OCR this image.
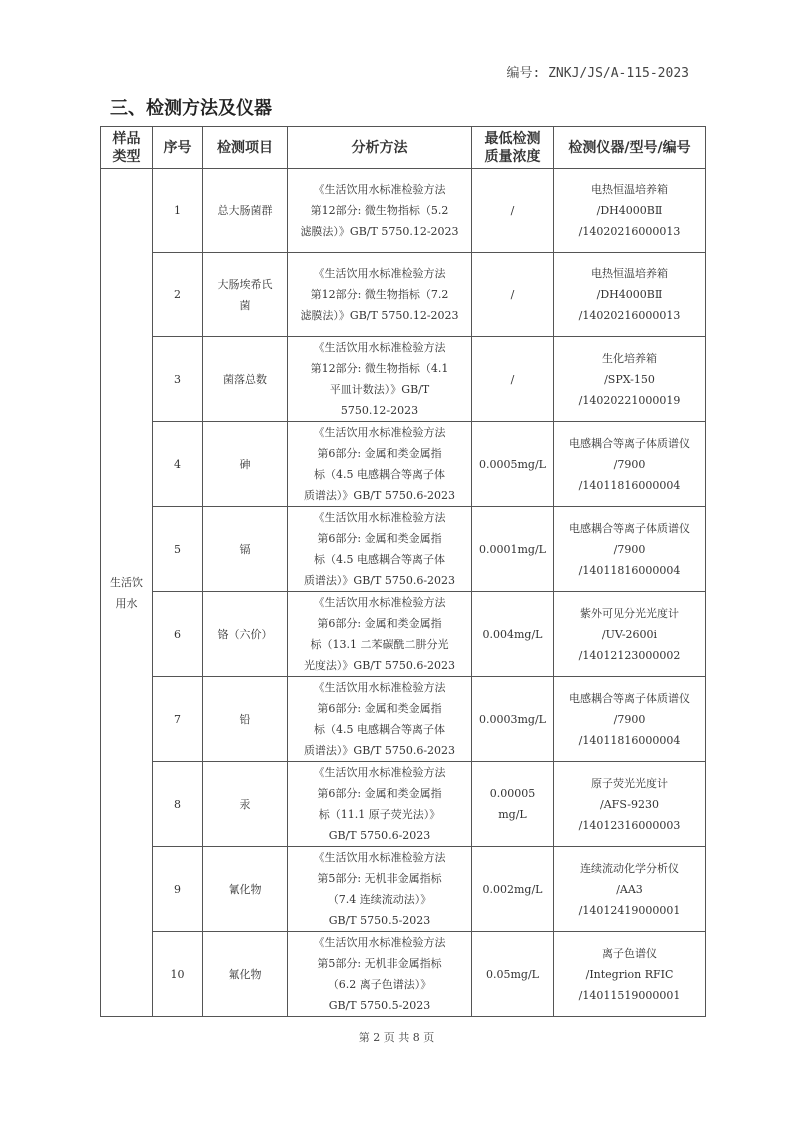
编号: ZNKJ/JS/A-115-2023
三、检测方法及仪器
样品
类型	序号	检测项目	分析方法	最低检测
质量浓度	检测仪器/型号/编号
生活饮
用水	1	总大肠菌群	《生活饮用水标准检验方法
第12部分: 微生物指标（5.2
滤膜法）》GB/T 5750.12-2023	/	电热恒温培养箱
/DH4000BⅡ
/14020216000013
	2	大肠埃希氏
菌	《生活饮用水标准检验方法
第12部分: 微生物指标（7.2
滤膜法）》GB/T 5750.12-2023	/	电热恒温培养箱
/DH4000BⅡ
/14020216000013
	3	菌落总数	《生活饮用水标准检验方法
第12部分: 微生物指标（4.1
平皿计数法）》GB/T
5750.12-2023	/	生化培养箱
/SPX-150
/14020221000019
	4	砷	《生活饮用水标准检验方法
第6部分: 金属和类金属指
标（4.5 电感耦合等离子体
质谱法）》GB/T 5750.6-2023	0.0005mg/L	电感耦合等离子体质谱仪
/7900
/14011816000004
	5	镉	《生活饮用水标准检验方法
第6部分: 金属和类金属指
标（4.5 电感耦合等离子体
质谱法）》GB/T 5750.6-2023	0.0001mg/L	电感耦合等离子体质谱仪
/7900
/14011816000004
	6	铬（六价）	《生活饮用水标准检验方法
第6部分: 金属和类金属指
标（13.1 二苯碳酰二肼分光
光度法）》GB/T 5750.6-2023	0.004mg/L	紫外可见分光光度计
/UV-2600i
/14012123000002
	7	铅	《生活饮用水标准检验方法
第6部分: 金属和类金属指
标（4.5 电感耦合等离子体
质谱法）》GB/T 5750.6-2023	0.0003mg/L	电感耦合等离子体质谱仪
/7900
/14011816000004
	8	汞	《生活饮用水标准检验方法
第6部分: 金属和类金属指
标（11.1 原子荧光法）》
GB/T 5750.6-2023	0.00005
mg/L	原子荧光光度计
/AFS-9230
/14012316000003
	9	氰化物	《生活饮用水标准检验方法
第5部分: 无机非金属指标
（7.4 连续流动法）》
GB/T 5750.5-2023	0.002mg/L	连续流动化学分析仪
/AA3
/14012419000001
	10	氟化物	《生活饮用水标准检验方法
第5部分: 无机非金属指标
（6.2 离子色谱法）》
GB/T 5750.5-2023	0.05mg/L	离子色谱仪
/Integrion RFIC
/14011519000001
第 2 页 共 8 页
